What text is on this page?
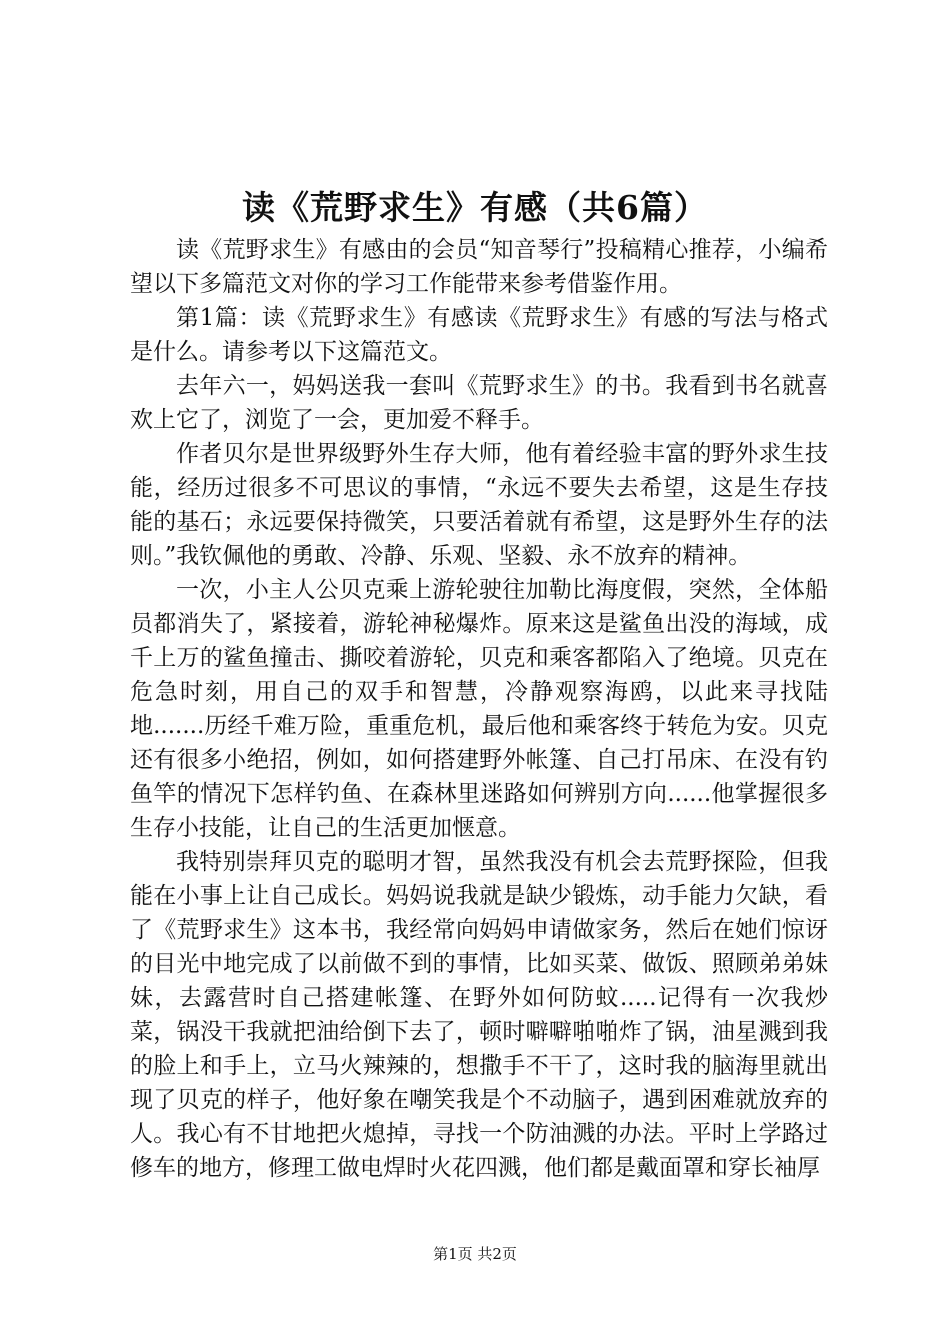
读《荒野求生》有感（共6篇）

读《荒野求生》有感由的会员“知音琴行”投稿精心推荐，小编希望以下多篇范文对你的学习工作能带来参考借鉴作用。

第1篇：读《荒野求生》有感读《荒野求生》有感的写法与格式是什么。请参考以下这篇范文。

去年六一，妈妈送我一套叫《荒野求生》的书。我看到书名就喜欢上它了，浏览了一会，更加爱不释手。

作者贝尔是世界级野外生存大师，他有着经验丰富的野外求生技能，经历过很多不可思议的事情，“永远不要失去希望，这是生存技能的基石；永远要保持微笑，只要活着就有希望，这是野外生存的法则。”我钦佩他的勇敢、冷静、乐观、坚毅、永不放弃的精神。

一次，小主人公贝克乘上游轮驶往加勒比海度假，突然，全体船员都消失了，紧接着，游轮神秘爆炸。原来这是鲨鱼出没的海域，成千上万的鲨鱼撞击、撕咬着游轮，贝克和乘客都陷入了绝境。贝克在危急时刻，用自己的双手和智慧，冷静观察海鸥，以此来寻找陆地.......历经千难万险，重重危机，最后他和乘客终于转危为安。贝克还有很多小绝招，例如，如何搭建野外帐篷、自己打吊床、在没有钓鱼竿的情况下怎样钓鱼、在森林里迷路如何辨别方向......他掌握很多生存小技能，让自己的生活更加惬意。

我特别崇拜贝克的聪明才智，虽然我没有机会去荒野探险，但我能在小事上让自己成长。妈妈说我就是缺少锻炼，动手能力欠缺，看了《荒野求生》这本书，我经常向妈妈申请做家务，然后在她们惊讶的目光中地完成了以前做不到的事情，比如买菜、做饭、照顾弟弟妹妹，去露营时自己搭建帐篷、在野外如何防蚊.....记得有一次我炒菜，锅没干我就把油给倒下去了，顿时噼噼啪啪炸了锅，油星溅到我的脸上和手上，立马火辣辣的，想撒手不干了，这时我的脑海里就出现了贝克的样子，他好象在嘲笑我是个不动脑子，遇到困难就放弃的人。我心有不甘地把火熄掉，寻找一个防油溅的办法。平时上学路过修车的地方，修理工做电焊时火花四溅，他们都是戴面罩和穿长袖厚

第1页 共2页
